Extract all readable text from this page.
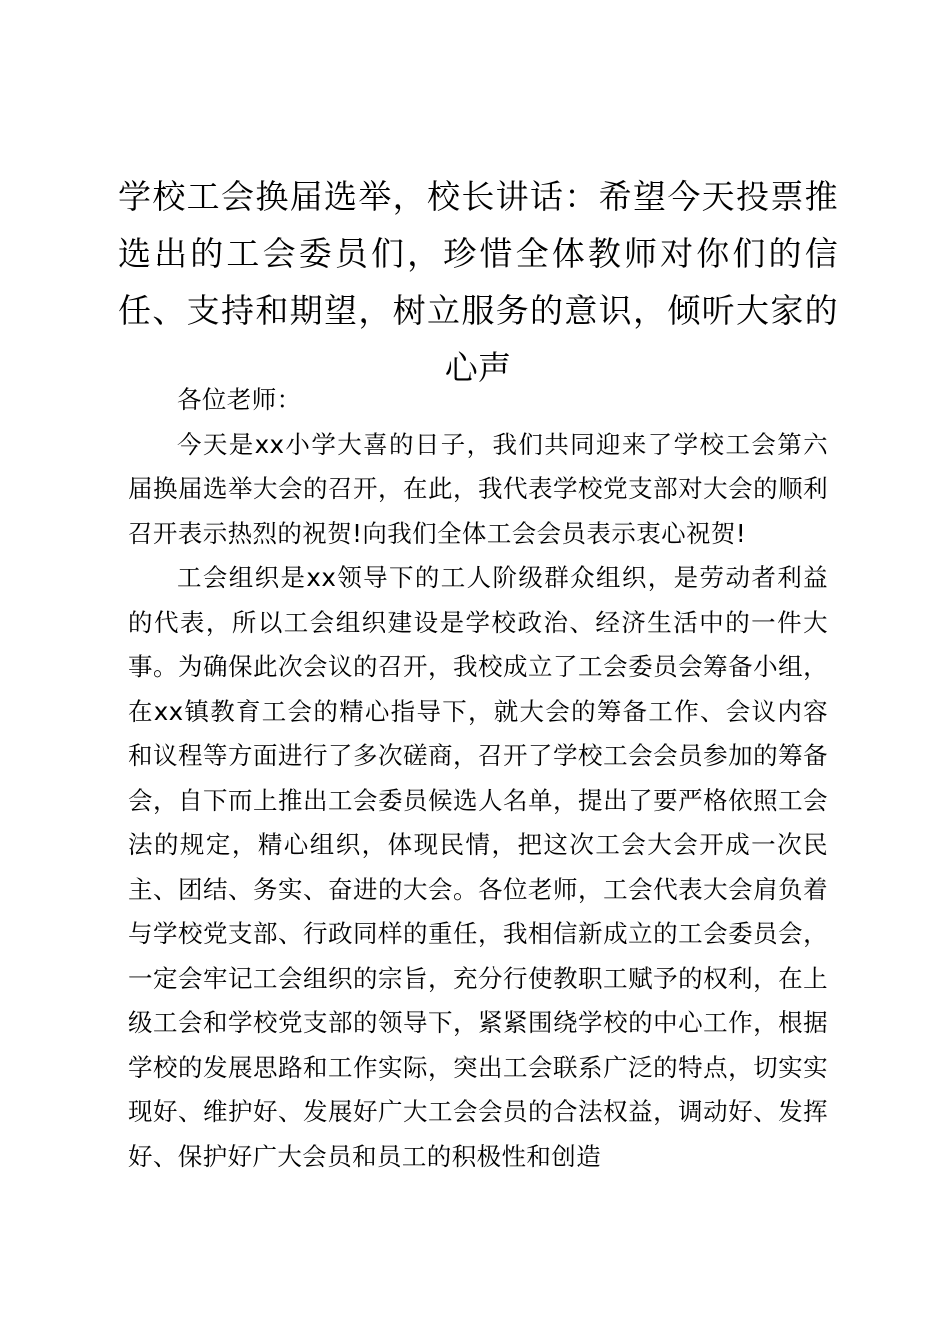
学校工会换届选举，校长讲话：希望今天投票推选出的工会委员们，珍惜全体教师对你们的信任、支持和期望，树立服务的意识，倾听大家的心声

各位老师：

今天是xx小学大喜的日子，我们共同迎来了学校工会第六届换届选举大会的召开，在此，我代表学校党支部对大会的顺利召开表示热烈的祝贺!向我们全体工会会员表示衷心祝贺!

工会组织是xx领导下的工人阶级群众组织，是劳动者利益的代表，所以工会组织建设是学校政治、经济生活中的一件大事。为确保此次会议的召开，我校成立了工会委员会筹备小组，在xx镇教育工会的精心指导下，就大会的筹备工作、会议内容和议程等方面进行了多次磋商，召开了学校工会会员参加的筹备会，自下而上推出工会委员候选人名单，提出了要严格依照工会法的规定，精心组织，体现民情，把这次工会大会开成一次民主、团结、务实、奋进的大会。各位老师，工会代表大会肩负着与学校党支部、行政同样的重任，我相信新成立的工会委员会，一定会牢记工会组织的宗旨，充分行使教职工赋予的权利，在上级工会和学校党支部的领导下，紧紧围绕学校的中心工作，根据学校的发展思路和工作实际，突出工会联系广泛的特点，切实实现好、维护好、发展好广大工会会员的合法权益，调动好、发挥好、保护好广大会员和员工的积极性和创造
